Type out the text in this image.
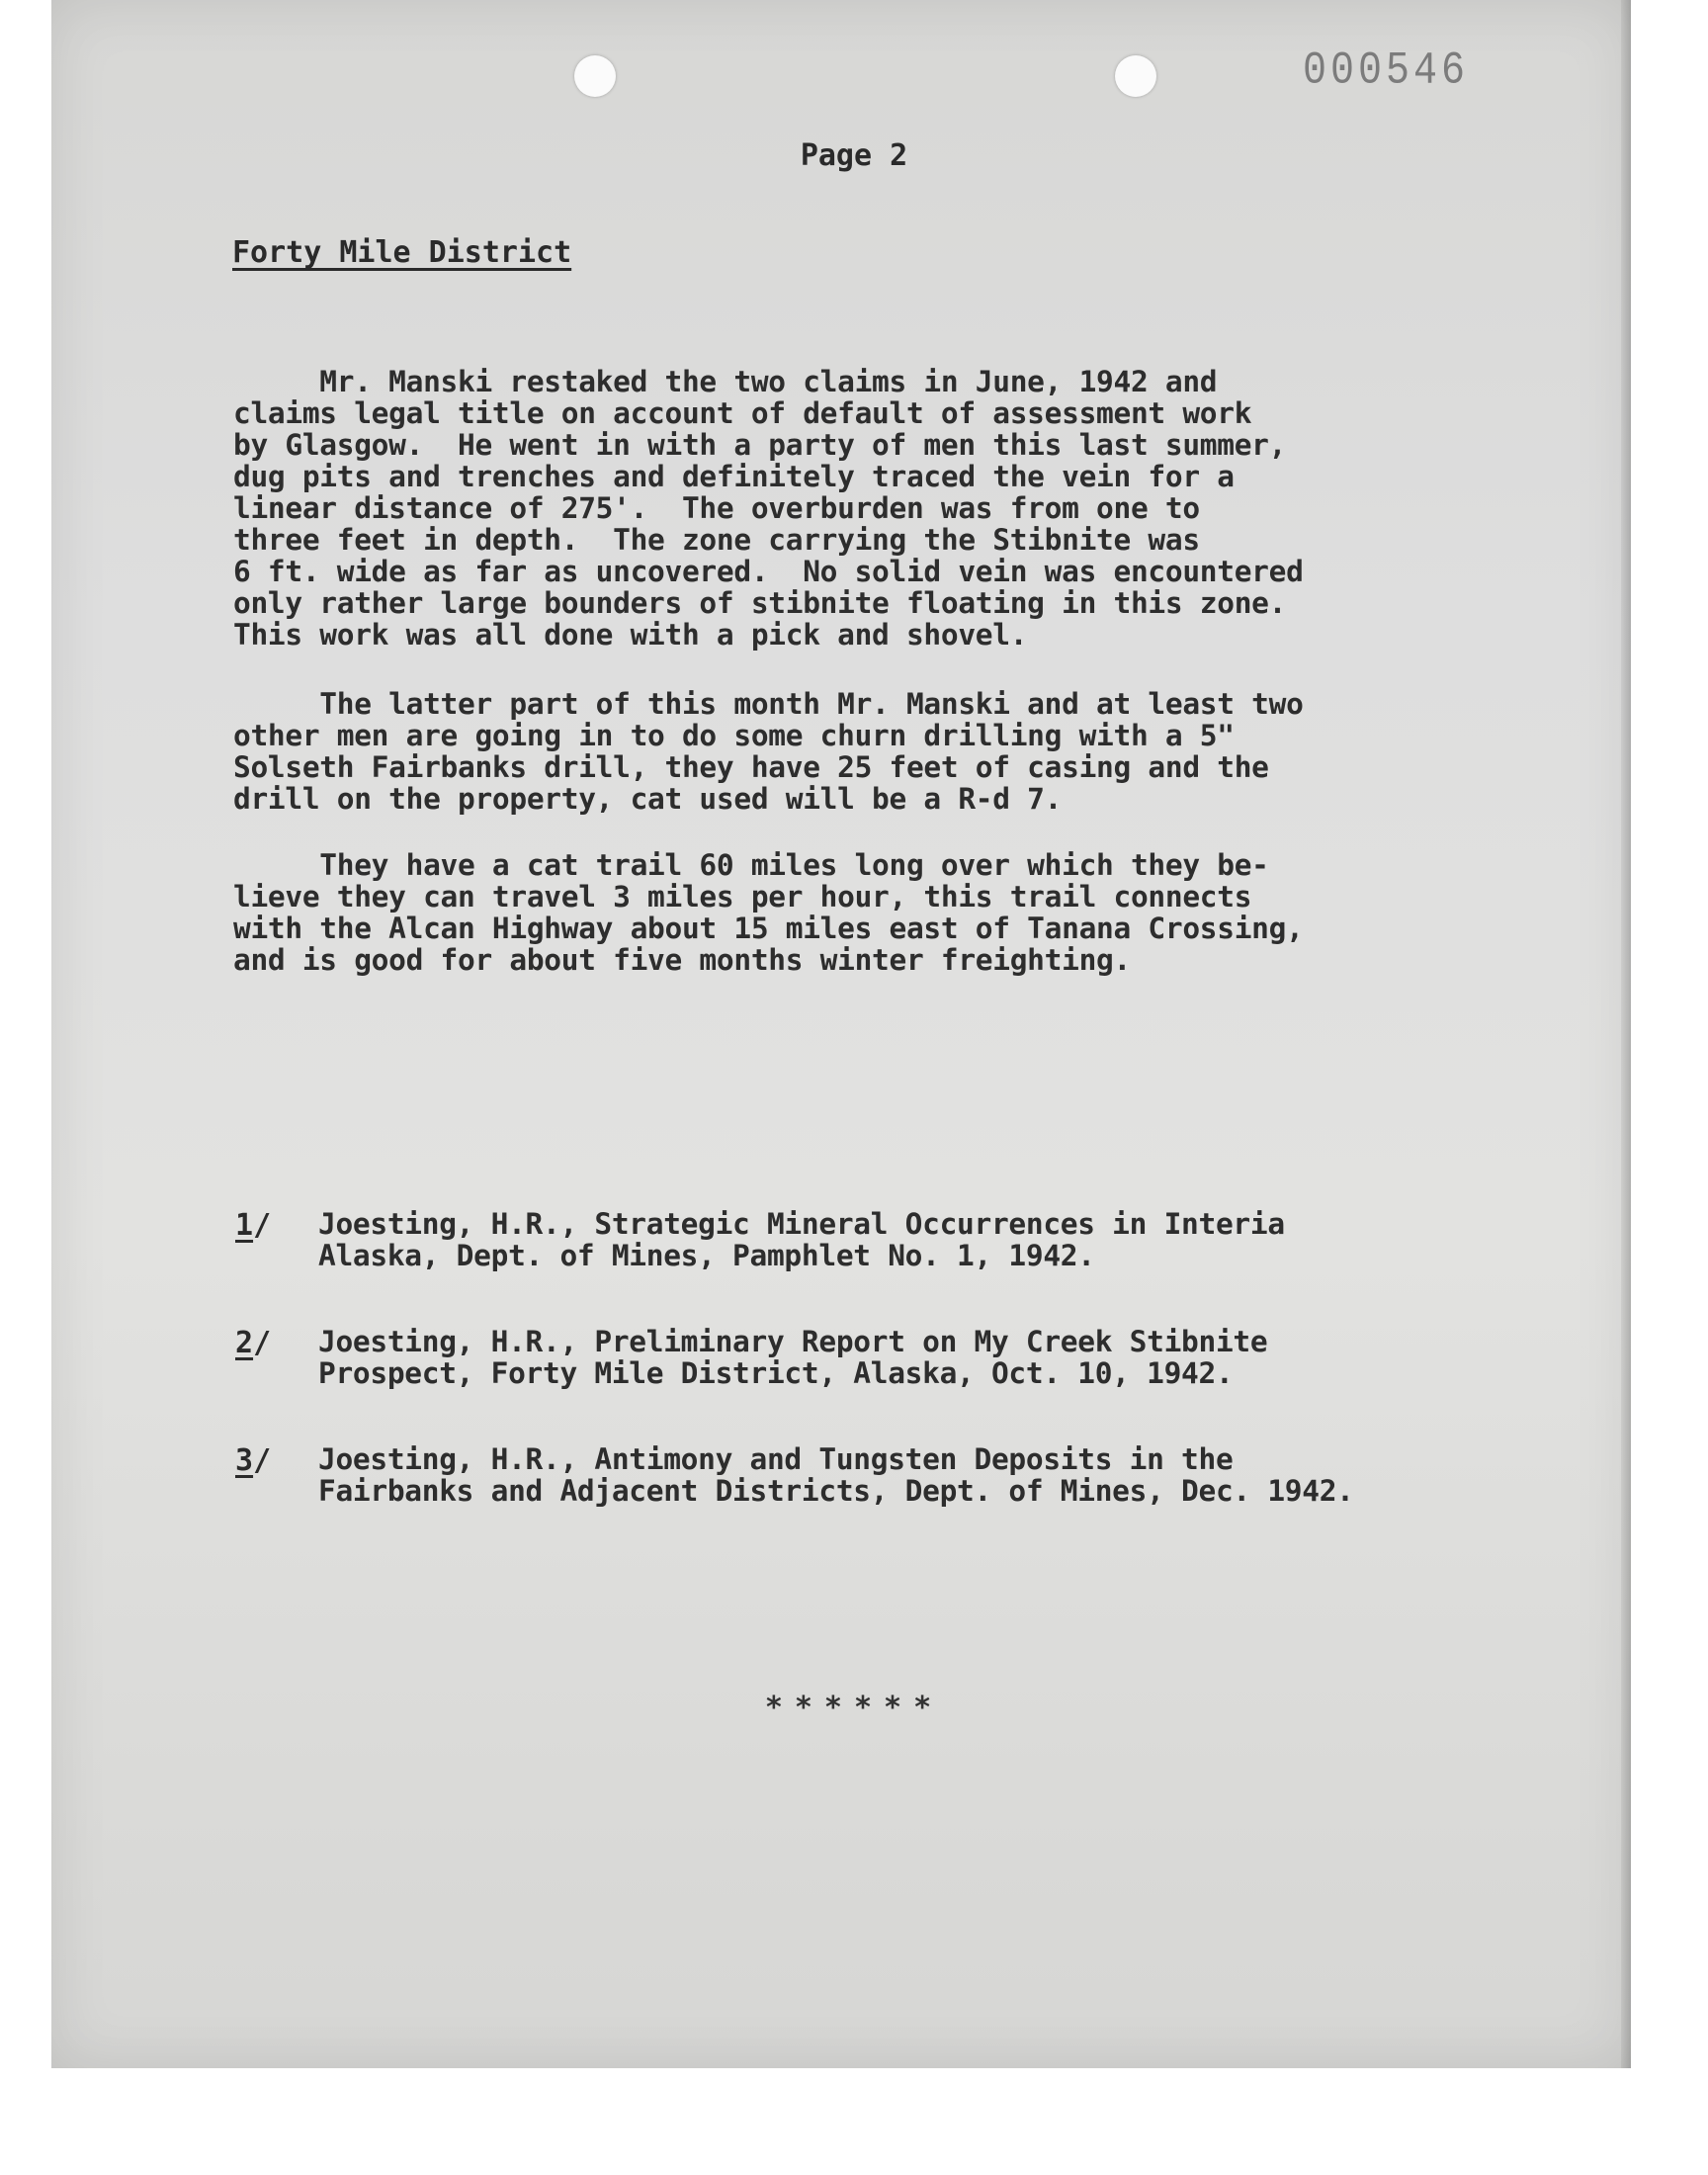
000546
Page 2
Forty Mile District

Mr. Manski restaked the two claims in June, 1942 and
claims legal title on account of default of assessment work
by Glasgow.  He went in with a party of men this last summer,
dug pits and trenches and definitely traced the vein for a
linear distance of 275'.  The overburden was from one to
three feet in depth.  The zone carrying the Stibnite was
6 ft. wide as far as uncovered.  No solid vein was encountered
only rather large bounders of stibnite floating in this zone.
This work was all done with a pick and shovel.

The latter part of this month Mr. Manski and at least two
other men are going in to do some churn drilling with a 5"
Solseth Fairbanks drill, they have 25 feet of casing and the
drill on the property, cat used will be a R-d 7.

They have a cat trail 60 miles long over which they be-
lieve they can travel 3 miles per hour, this trail connects
with the Alcan Highway about 15 miles east of Tanana Crossing,
and is good for about five months winter freighting.

1/ Joesting, H.R., Strategic Mineral Occurrences in Interia
Alaska, Dept. of Mines, Pamphlet No. 1, 1942.
2/ Joesting, H.R., Preliminary Report on My Creek Stibnite
Prospect, Forty Mile District, Alaska, Oct. 10, 1942.
3/ Joesting, H.R., Antimony and Tungsten Deposits in the
Fairbanks and Adjacent Districts, Dept. of Mines, Dec. 1942.
******
